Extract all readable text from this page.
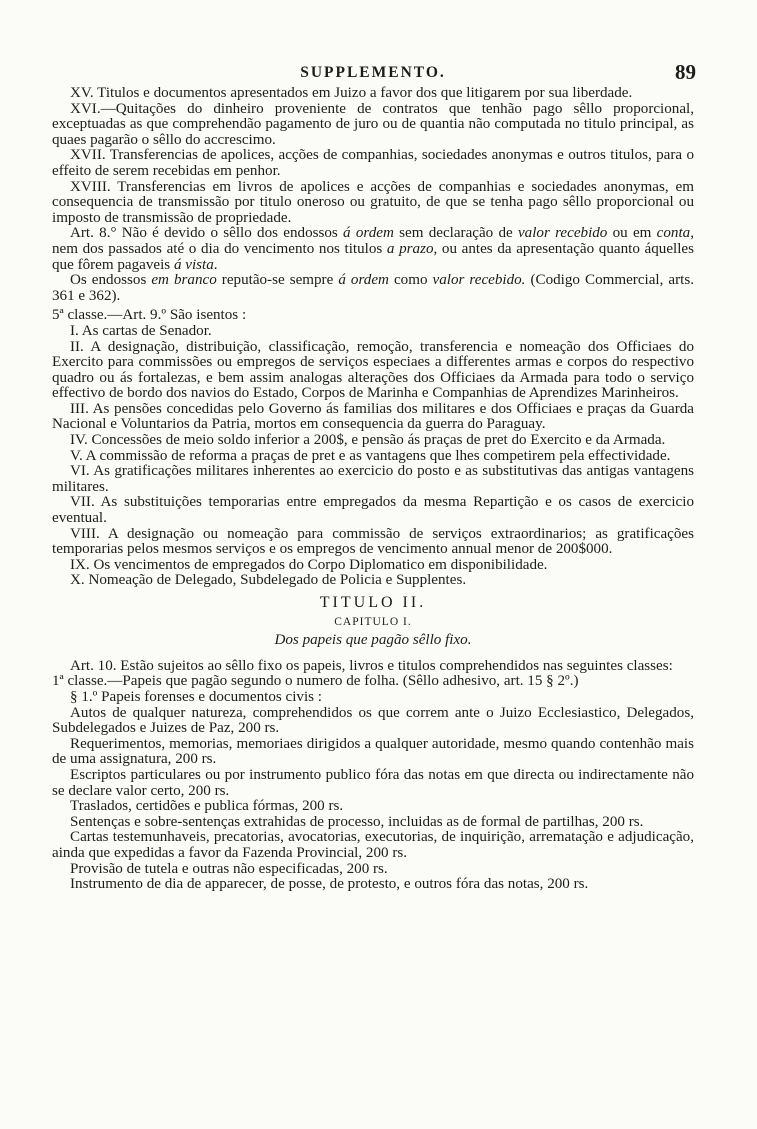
SUPPLEMENTO.	89

XV. Titulos e documentos apresentados em Juizo a favor dos que litigarem por sua liberdade.

XVI.—Quitações do dinheiro proveniente de contratos que tenhão pago sêllo proporcional, exceptuadas as que comprehendão pagamento de juro ou de quantia não computada no titulo principal, as quaes pagarão o sêllo do accrescimo.

XVII. Transferencias de apolices, acções de companhias, sociedades anonymas e outros titulos, para o effeito de serem recebidas em penhor.

XVIII. Transferencias em livros de apolices e acções de companhias e sociedades anonymas, em consequencia de transmissão por titulo oneroso ou gratuito, de que se tenha pago sêllo proporcional ou imposto de transmissão de propriedade.

Art. 8.° Não é devido o sêllo dos endossos á ordem sem declaração de valor recebido ou em conta, nem dos passados até o dia do vencimento nos titulos a prazo, ou antes da apresentação quanto áquelles que fôrem pagaveis á vista.

Os endossos em branco reputão-se sempre á ordem como valor recebido. (Codigo Commercial, arts. 361 e 362).

5ª classe.—Art. 9.º São isentos :

I. As cartas de Senador.

II. A designação, distribuição, classificação, remoção, transferencia e nomeação dos Officiaes do Exercito para commissões ou empregos de serviços especiaes a differentes armas e corpos do respectivo quadro ou ás fortalezas, e bem assim analogas alterações dos Officiaes da Armada para todo o serviço effectivo de bordo dos navios do Estado, Corpos de Marinha e Companhias de Aprendizes Marinheiros.

III. As pensões concedidas pelo Governo ás familias dos militares e dos Officiaes e praças da Guarda Nacional e Voluntarios da Patria, mortos em consequencia da guerra do Paraguay.

IV. Concessões de meio soldo inferior a 200$, e pensão ás praças de pret do Exercito e da Armada.

V. A commissão de reforma a praças de pret e as vantagens que lhes competirem pela effectividade.

VI. As gratificações militares inherentes ao exercicio do posto e as substitutivas das antigas vantagens militares.

VII. As substituições temporarias entre empregados da mesma Repartição e os casos de exercicio eventual.

VIII. A designação ou nomeação para commissão de serviços extraordinarios; as gratificações temporarias pelos mesmos serviços e os empregos de vencimento annual menor de 200$000.

IX. Os vencimentos de empregados do Corpo Diplomatico em disponibilidade.

X. Nomeação de Delegado, Subdelegado de Policia e Supplentes.

TITULO II.

CAPITULO I.

Dos papeis que pagão sêllo fixo.

Art. 10. Estão sujeitos ao sêllo fixo os papeis, livros e titulos comprehendidos nas seguintes classes:

1ª classe.—Papeis que pagão segundo o numero de folha. (Sêllo adhesivo, art. 15 § 2º.)

§ 1.º Papeis forenses e documentos civis :

Autos de qualquer natureza, comprehendidos os que correm ante o Juizo Ecclesiastico, Delegados, Subdelegados e Juizes de Paz, 200 rs.

Requerimentos, memorias, memoriaes dirigidos a qualquer autoridade, mesmo quando contenhão mais de uma assignatura, 200 rs.

Escriptos particulares ou por instrumento publico fóra das notas em que directa ou indirectamente não se declare valor certo, 200 rs.

Traslados, certidões e publica fórmas, 200 rs.

Sentenças e sobre-sentenças extrahidas de processo, incluidas as de formal de partilhas, 200 rs.

Cartas testemunhaveis, precatorias, avocatorias, executorias, de inquirição, arrematação e adjudicação, ainda que expedidas a favor da Fazenda Provincial, 200 rs.

Provisão de tutela e outras não especificadas, 200 rs.

Instrumento de dia de apparecer, de posse, de protesto, e outros fóra das notas, 200 rs.
